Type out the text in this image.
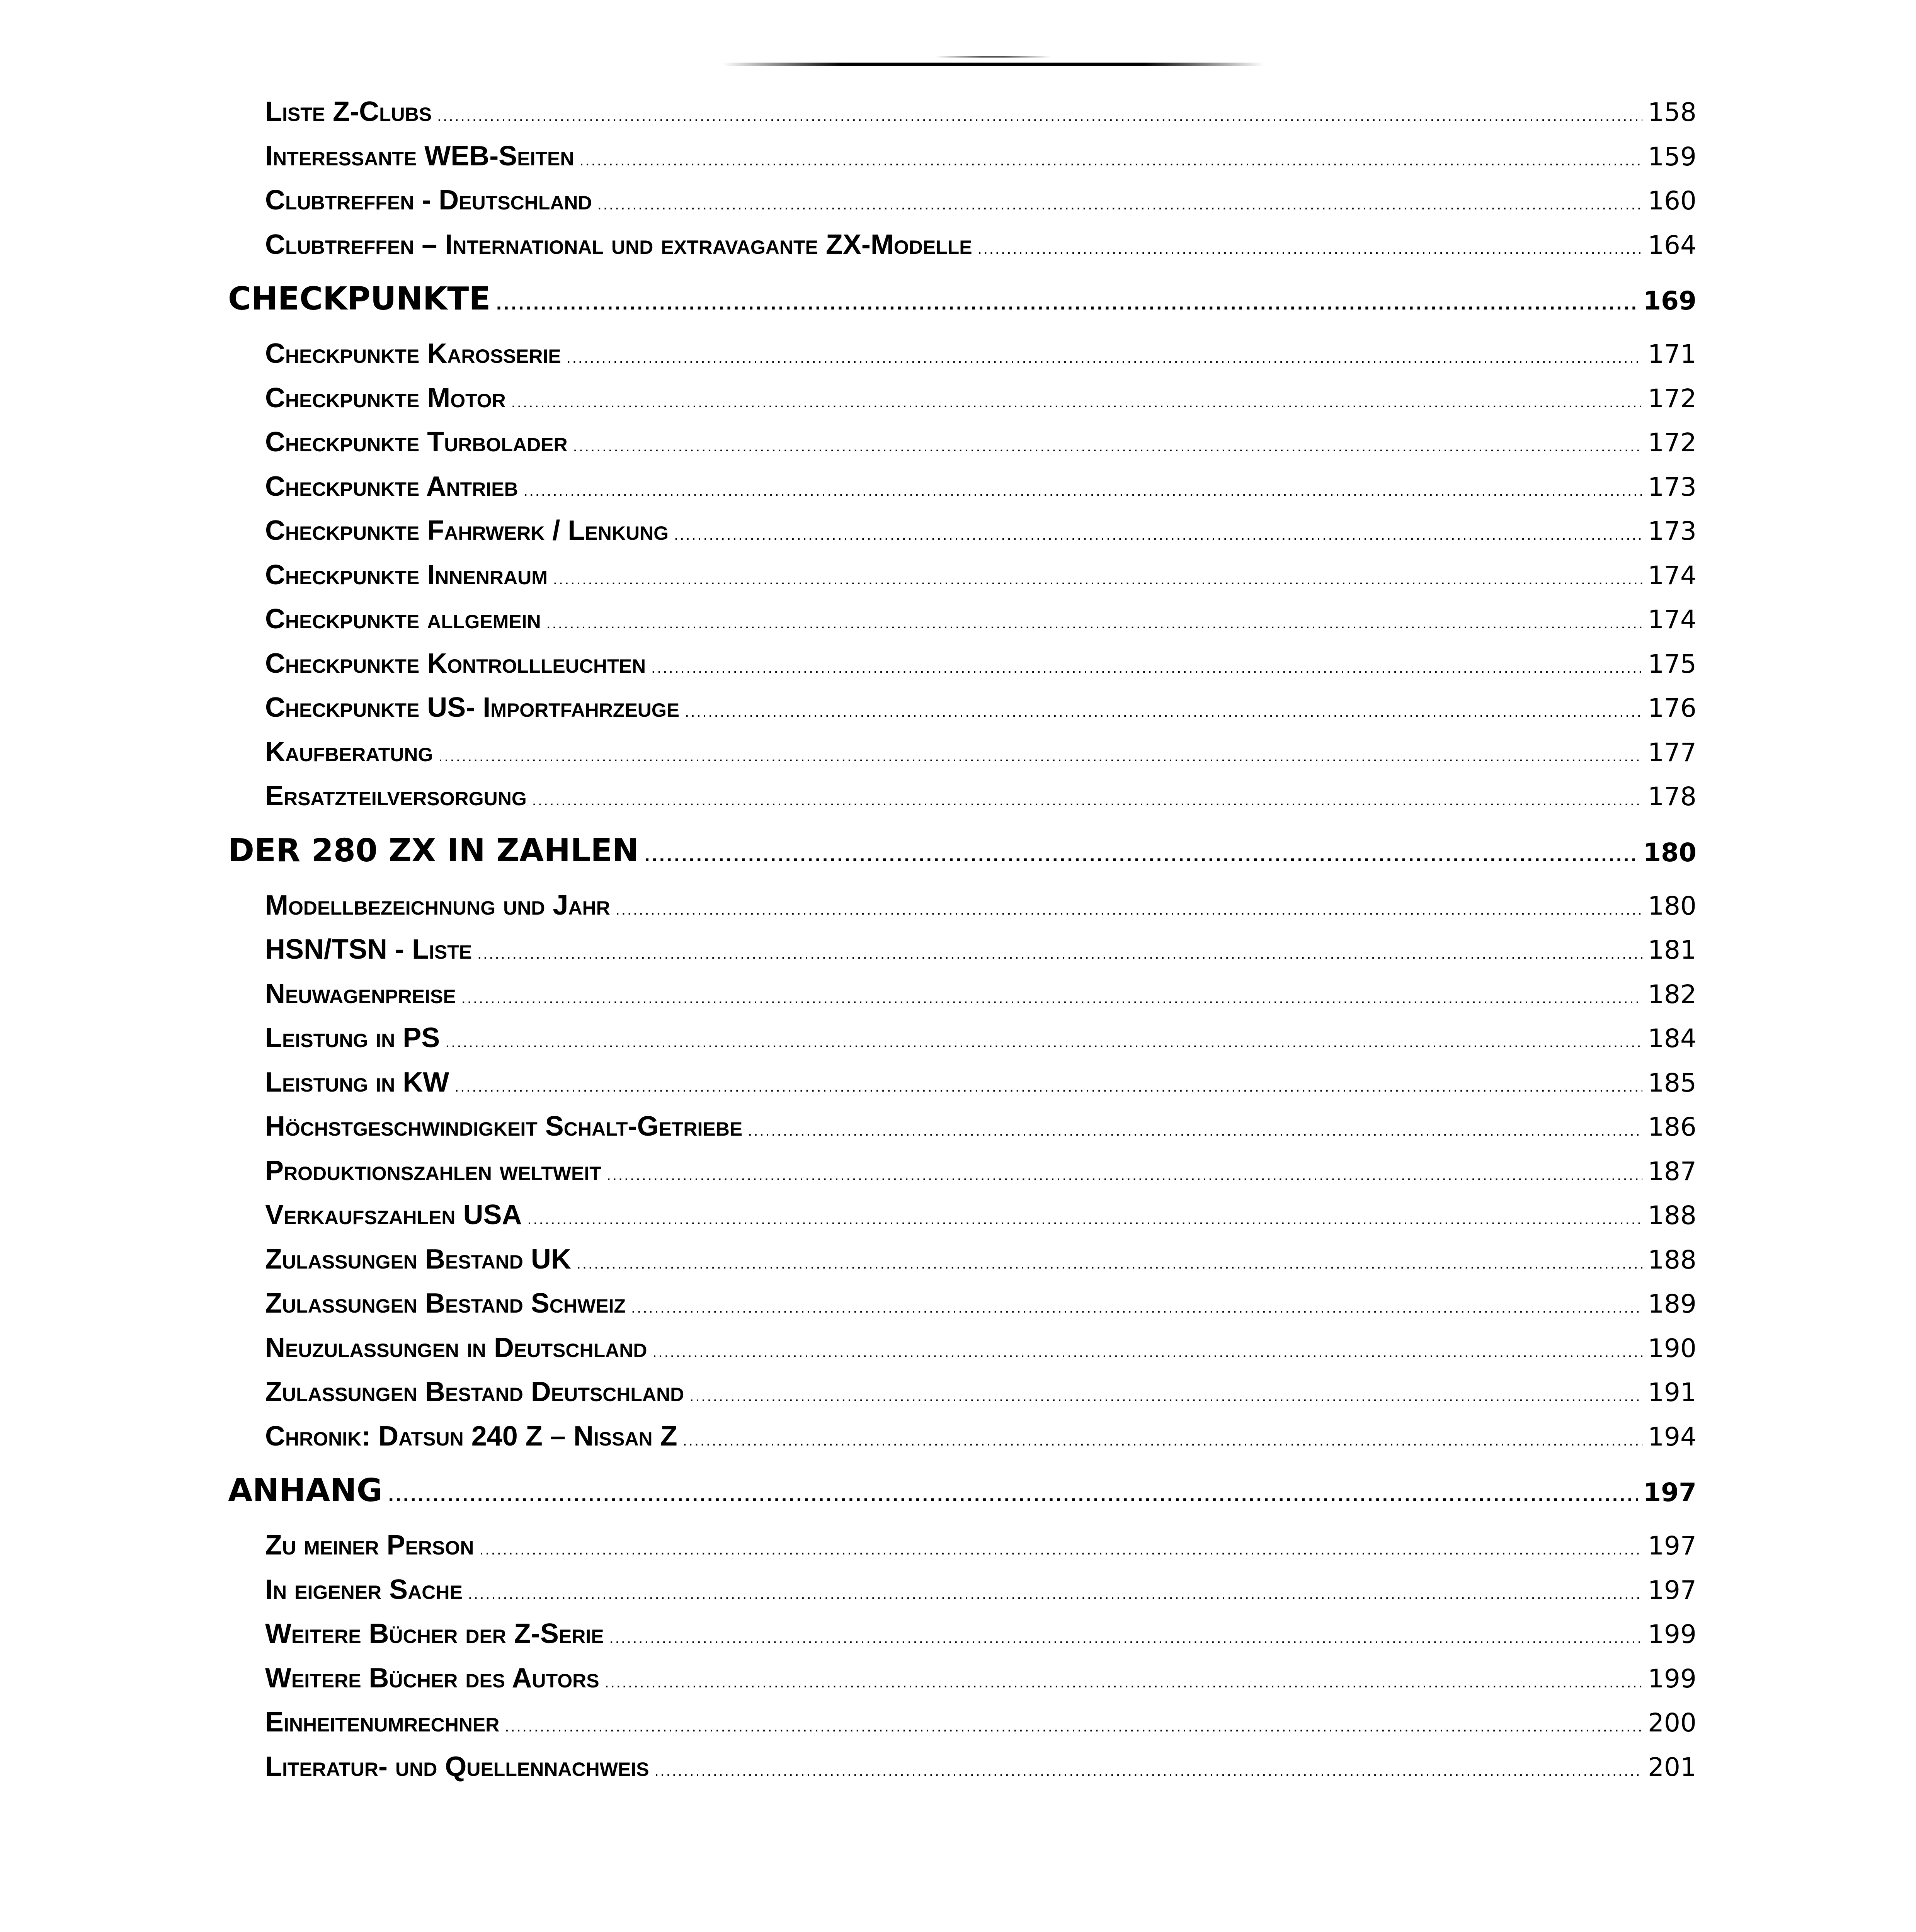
Liste Z-Clubs .....	158
Interessante WEB-Seiten .....	159
Clubtreffen - Deutschland .....	160
Clubtreffen – International und extravagante ZX-Modelle .....	164
CHECKPUNKTE .....	169
Checkpunkte Karosserie .....	171
Checkpunkte Motor .....	172
Checkpunkte Turbolader .....	172
Checkpunkte Antrieb .....	173
Checkpunkte Fahrwerk / Lenkung .....	173
Checkpunkte Innenraum .....	174
Checkpunkte allgemein .....	174
Checkpunkte Kontrollleuchten .....	175
Checkpunkte US- Importfahrzeuge .....	176
Kaufberatung .....	177
Ersatzteilversorgung .....	178
DER 280 ZX IN ZAHLEN .....	180
Modellbezeichnung und Jahr .....	180
HSN/TSN - Liste .....	181
Neuwagenpreise .....	182
Leistung in PS .....	184
Leistung in KW .....	185
Höchstgeschwindigkeit Schalt-Getriebe .....	186
Produktionszahlen weltweit .....	187
Verkaufszahlen USA .....	188
Zulassungen Bestand UK .....	188
Zulassungen Bestand Schweiz .....	189
Neuzulassungen in Deutschland .....	190
Zulassungen Bestand Deutschland .....	191
Chronik: Datsun 240 Z – Nissan Z .....	194
ANHANG .....	197
Zu meiner Person .....	197
In eigener Sache .....	197
Weitere Bücher der Z-Serie .....	199
Weitere Bücher des Autors .....	199
Einheitenumrechner .....	200
Literatur- und Quellennachweis .....	201
